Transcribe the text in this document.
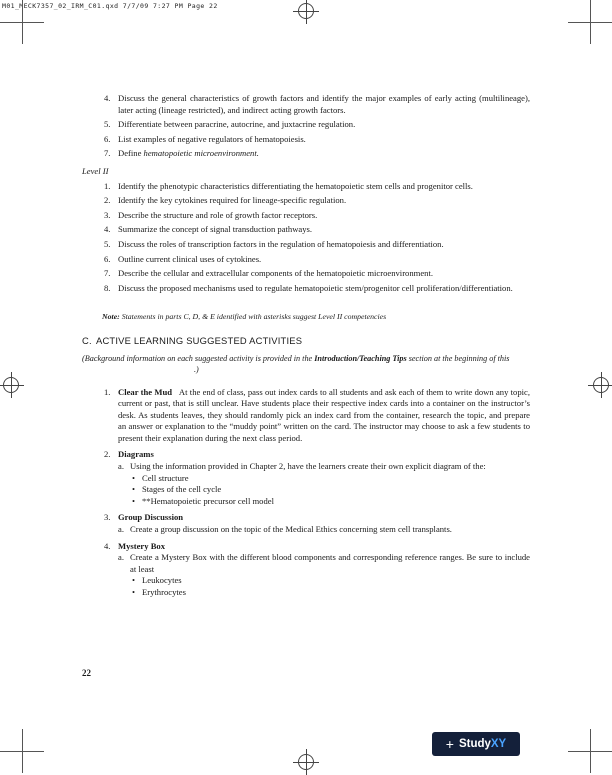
M01_MECK7357_02_IRM_C01.qxd 7/7/09 7:27 PM Page 22
4. Discuss the general characteristics of growth factors and identify the major examples of early acting (multilineage), later acting (lineage restricted), and indirect acting growth factors.
5. Differentiate between paracrine, autocrine, and juxtacrine regulation.
6. List examples of negative regulators of hematopoiesis.
7. Define hematopoietic microenvironment.
Level II
1. Identify the phenotypic characteristics differentiating the hematopoietic stem cells and progenitor cells.
2. Identify the key cytokines required for lineage-specific regulation.
3. Describe the structure and role of growth factor receptors.
4. Summarize the concept of signal transduction pathways.
5. Discuss the roles of transcription factors in the regulation of hematopoiesis and differentiation.
6. Outline current clinical uses of cytokines.
7. Describe the cellular and extracellular components of the hematopoietic microenvironment.
8. Discuss the proposed mechanisms used to regulate hematopoietic stem/progenitor cell proliferation/differentiation.
Note: Statements in parts C, D, & E identified with asterisks suggest Level II competencies
C. ACTIVE LEARNING SUGGESTED ACTIVITIES
(Background information on each suggested activity is provided in the Introduction/Teaching Tips section at the beginning of this.)
1. Clear the Mud At the end of class, pass out index cards to all students and ask each of them to write down any topic, current or past, that is still unclear. Have students place their respective index cards into a container on the instructor’s desk. As students leaves, they should randomly pick an index card from the container, research the topic, and prepare an answer or explanation to the “muddy point” written on the card. The instructor may choose to ask a few students to present their explanation during the next class period.
2. Diagrams
a. Using the information provided in Chapter 2, have the learners create their own explicit diagram of the:
• Cell structure
• Stages of the cell cycle
• **Hematopoietic precursor cell model
3. Group Discussion
a. Create a group discussion on the topic of the Medical Ethics concerning stem cell transplants.
4. Mystery Box
a. Create a Mystery Box with the different blood components and corresponding reference ranges. Be sure to include at least
• Leukocytes
• Erythrocytes
22
+ StudyXY
